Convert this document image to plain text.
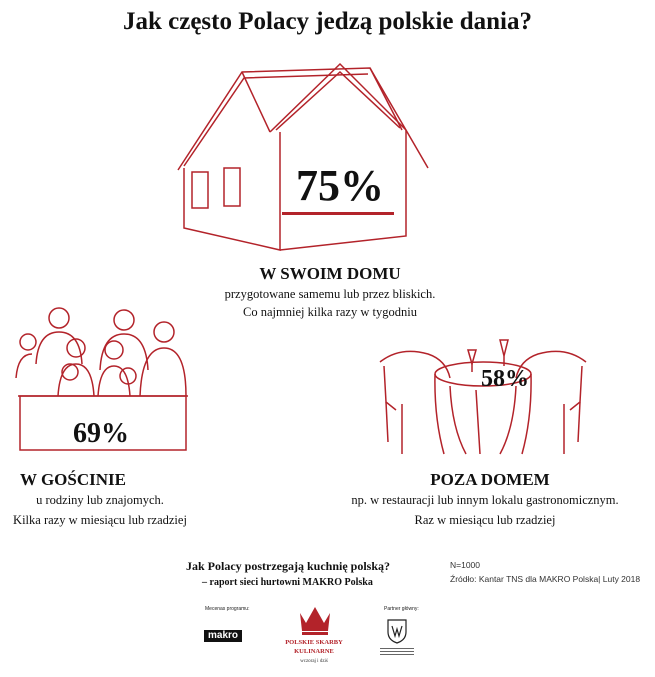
Jak często Polacy jedzą polskie dania?
75%
W SWOIM DOMU
przygotowane samemu lub przez bliskich.
Co najmniej kilka razy w tygodniu
69%
W GOŚCINIE
u rodziny lub znajomych.
Kilka razy w miesiącu lub rzadziej
58%
POZA DOMEM
np. w restauracji lub innym lokalu gastronomicznym.
Raz w miesiącu lub rzadziej
Jak Polacy postrzegają kuchnię polską?
– raport sieci hurtowni MAKRO Polska
N=1000
Źródło: Kantar TNS dla MAKRO Polska| Luty 2018
Mecenas programu:
makro
POLSKIE SKARBY
KULINARNE
wczoraj i dziś
Partner główny:
